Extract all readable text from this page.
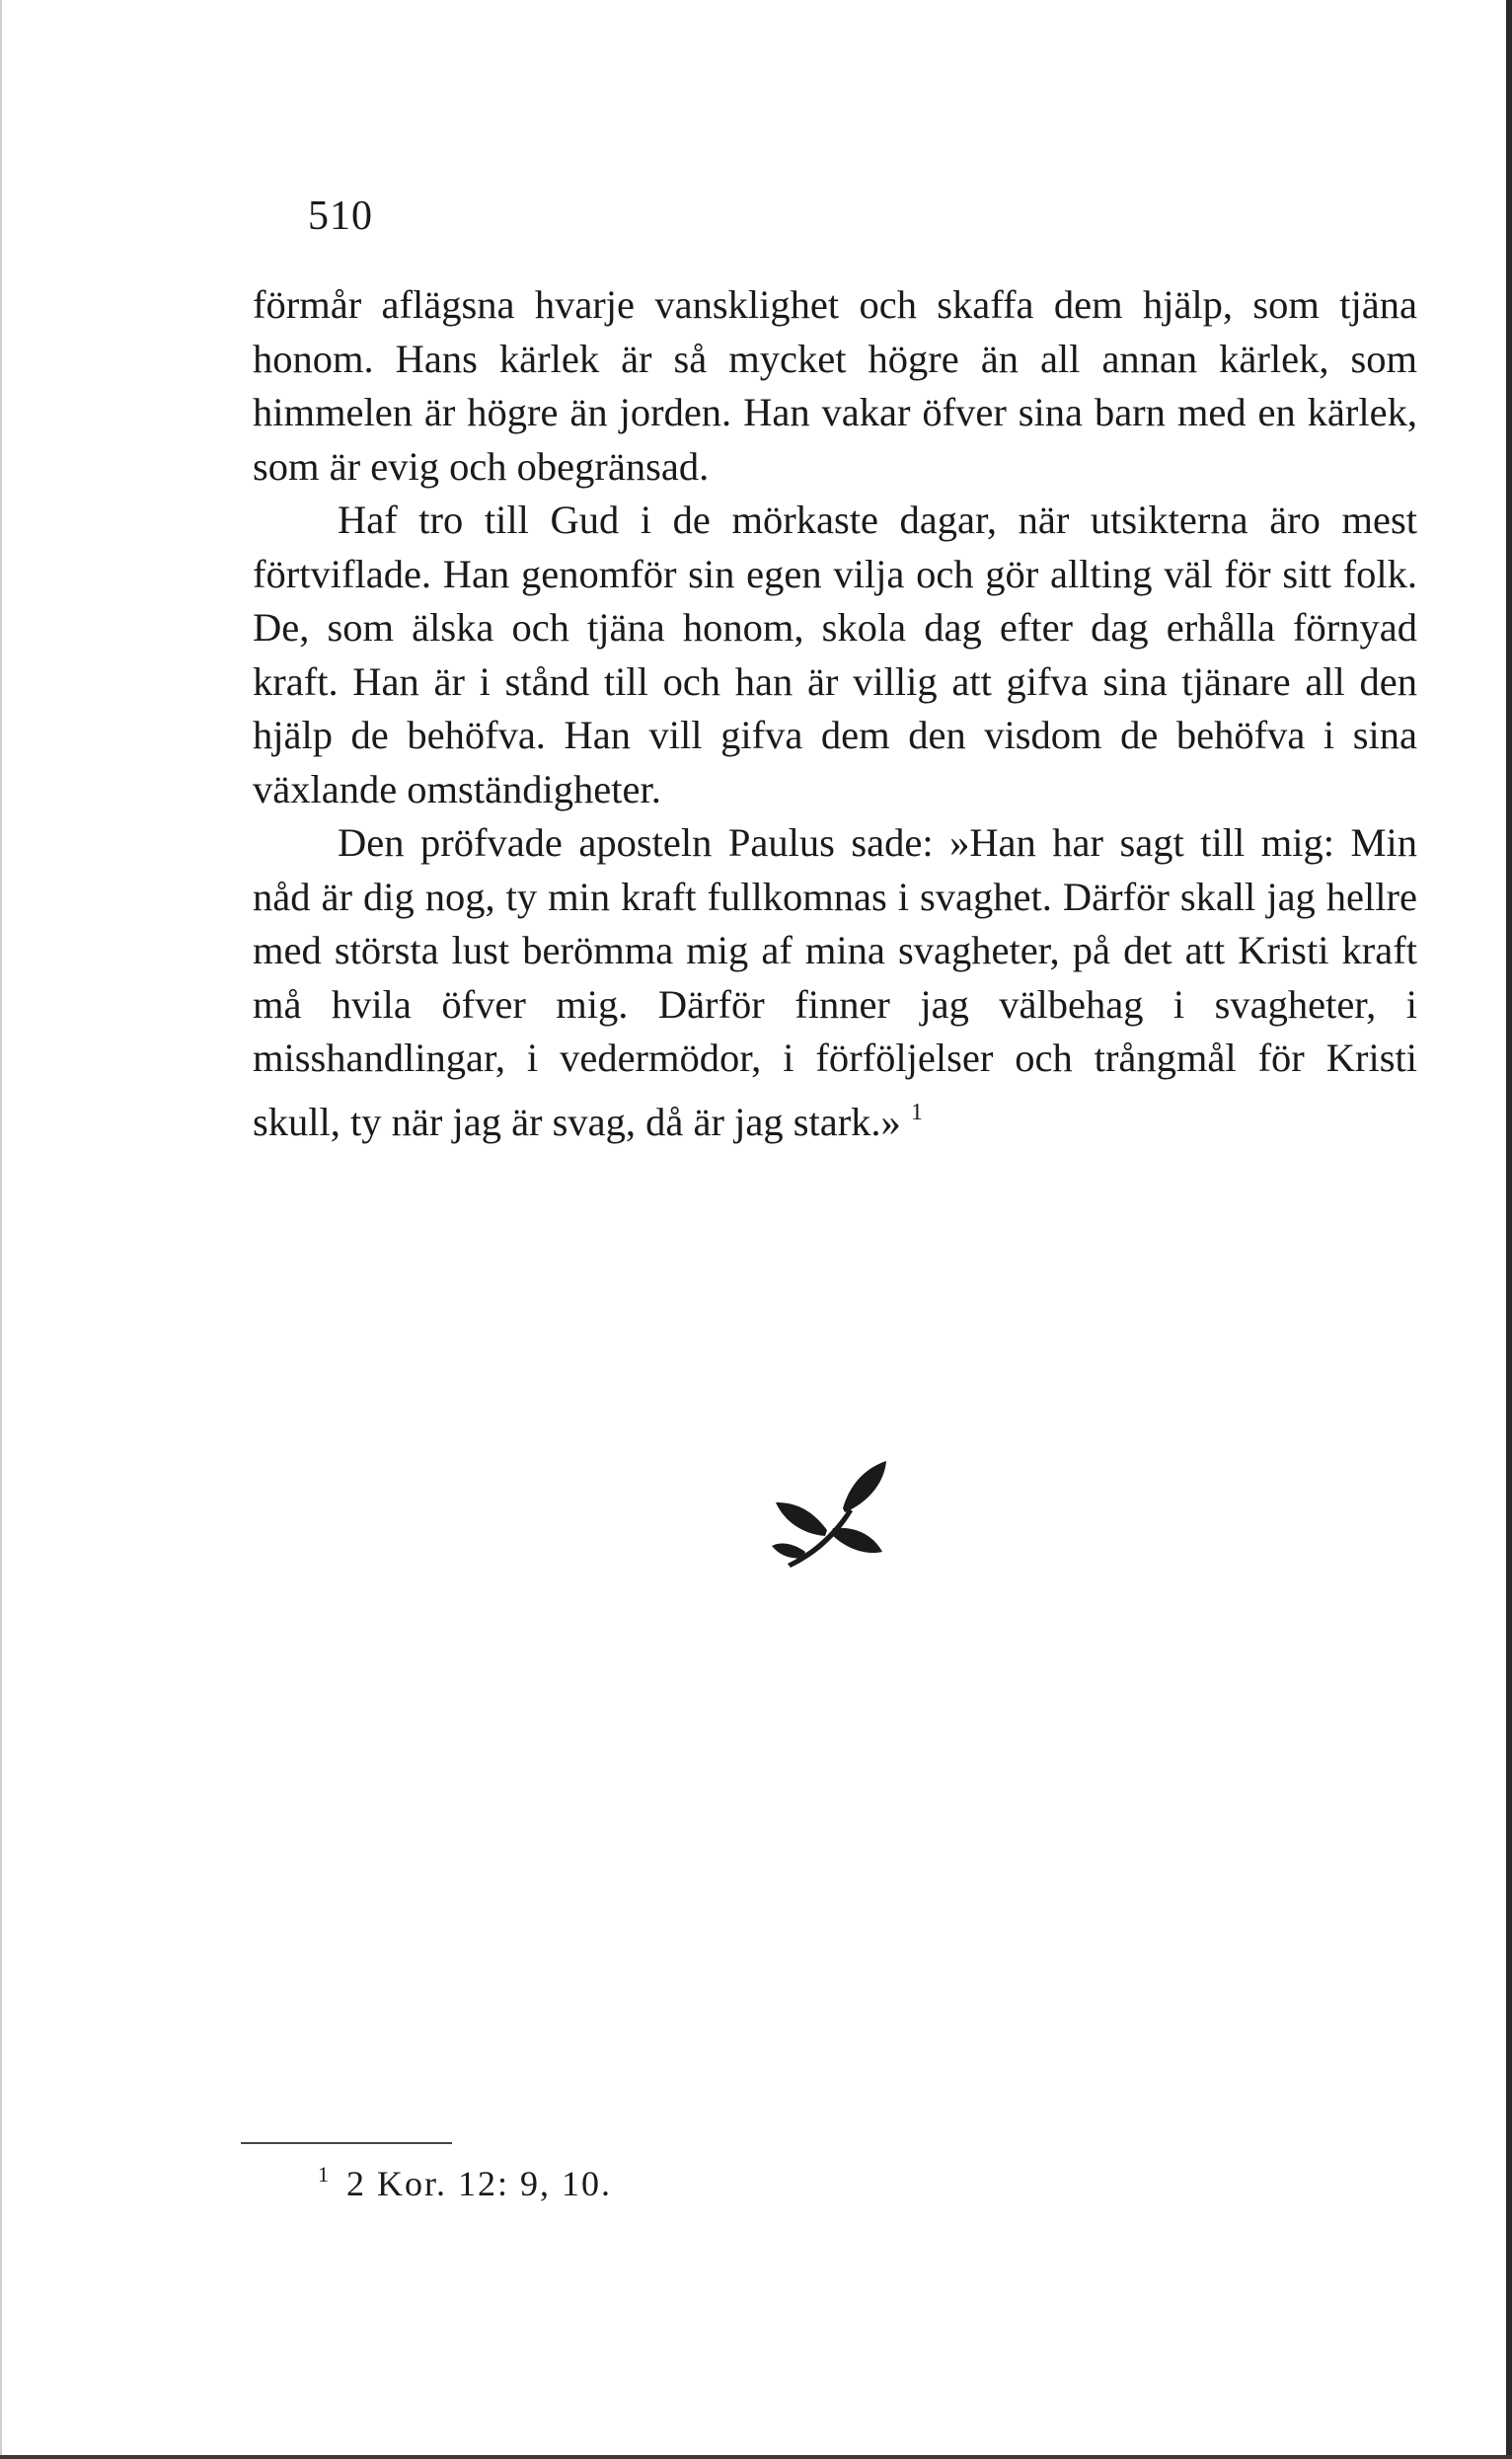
510

förmår aflägsna hvarje vansklighet och skaffa dem hjälp, som tjäna honom. Hans kärlek är så mycket högre än all annan kärlek, som himmelen är högre än jorden. Han vakar öfver sina barn med en kärlek, som är evig och obegränsad.

Haf tro till Gud i de mörkaste dagar, när utsikterna äro mest förtviflade. Han genomför sin egen vilja och gör allting väl för sitt folk. De, som älska och tjäna honom, skola dag efter dag erhålla förnyad kraft. Han är i stånd till och han är villig att gifva sina tjänare all den hjälp de behöfva. Han vill gifva dem den visdom de behöfva i sina växlande omständigheter.

Den pröfvade aposteln Paulus sade: »Han har sagt till mig: Min nåd är dig nog, ty min kraft fullkomnas i svaghet. Därför skall jag hellre med största lust berömma mig af mina svagheter, på det att Kristi kraft må hvila öfver mig. Därför finner jag välbehag i svagheter, i misshandlingar, i vedermödor, i förföljelser och trångmål för Kristi skull, ty när jag är svag, då är jag stark.» $^1$

$^1$ 2 Kor. 12: 9, 10.
